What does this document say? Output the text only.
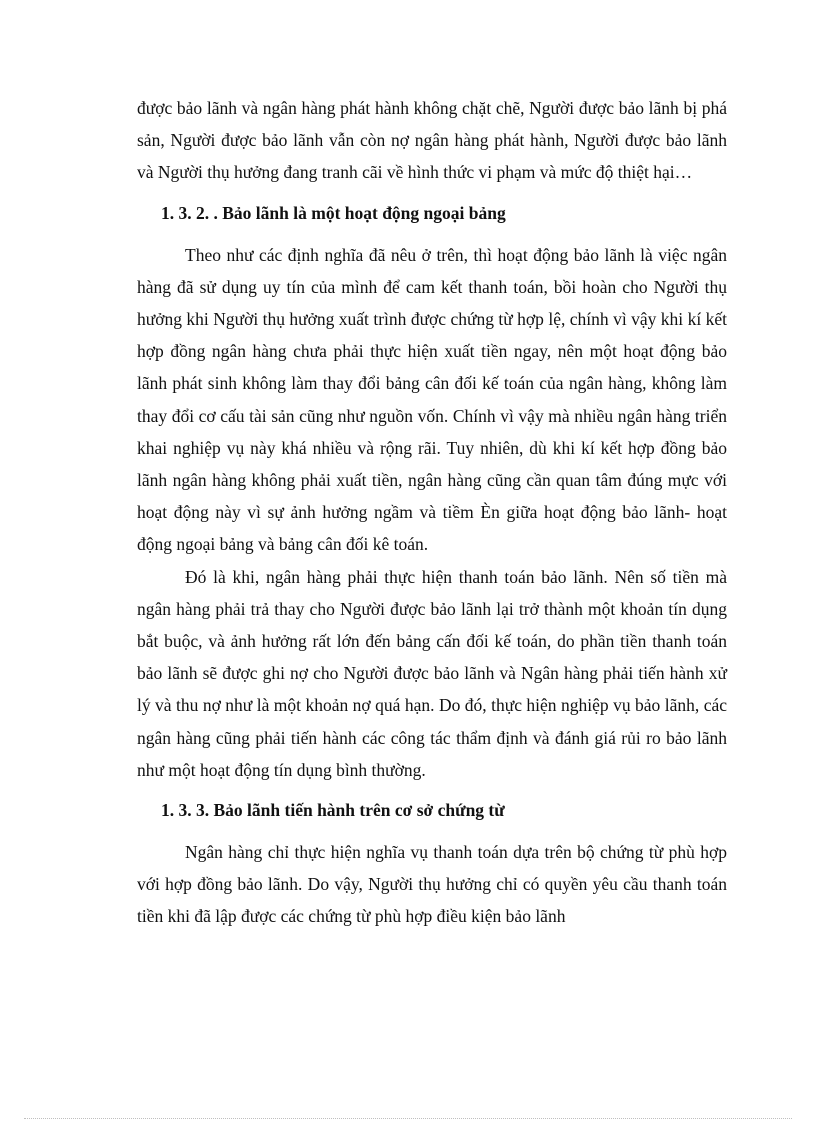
được bảo lãnh và ngân hàng phát hành không chặt chẽ, Người được bảo lãnh bị phá sản, Người được bảo lãnh vẫn còn nợ ngân hàng phát hành, Người được bảo lãnh và Người thụ hưởng đang tranh cãi về hình thức vi phạm và mức độ thiệt hại…

1. 3. 2. . Bảo lãnh là một hoạt động ngoại bảng

Theo như các định nghĩa đã nêu ở trên, thì hoạt động bảo lãnh là việc ngân hàng đã sử dụng uy tín của mình để cam kết thanh toán, bồi hoàn cho Người thụ hưởng khi Người thụ hưởng xuất trình được chứng từ hợp lệ, chính vì vậy khi kí kết hợp đồng ngân hàng chưa phải thực hiện xuất tiền ngay, nên một hoạt động bảo lãnh phát sinh không làm thay đổi bảng cân đối kế toán của ngân hàng, không làm thay đổi cơ cấu tài sản cũng như nguồn vốn. Chính vì vậy mà nhiều ngân hàng triển khai nghiệp vụ này khá nhiều và rộng rãi. Tuy nhiên, dù khi kí kết hợp đồng bảo lãnh ngân hàng không phải xuất tiền, ngân hàng cũng cần quan tâm đúng mực với hoạt động này vì sự ảnh hưởng ngầm và tiềm Èn giữa hoạt động bảo lãnh- hoạt động ngoại bảng và bảng cân đối kê toán.

Đó là khi, ngân hàng phải thực hiện thanh toán bảo lãnh. Nên số tiền mà ngân hàng phải trả thay cho Người được bảo lãnh lại trở thành một khoản tín dụng bắt buộc, và ảnh hưởng rất lớn đến bảng cấn đối kế toán, do phần tiền thanh toán bảo lãnh sẽ được ghi nợ cho Người được bảo lãnh và Ngân hàng phải tiến hành xử lý và thu nợ như là một khoản nợ quá hạn. Do đó, thực hiện nghiệp vụ bảo lãnh, các ngân hàng cũng phải tiến hành các công tác thẩm định và đánh giá rủi ro bảo lãnh như một hoạt động tín dụng bình thường.

1. 3. 3. Bảo lãnh tiến hành trên cơ sở chứng từ

Ngân hàng chỉ thực hiện nghĩa vụ thanh toán dựa trên bộ chứng từ phù hợp với hợp đồng bảo lãnh. Do vậy, Người thụ hưởng chỉ có quyền yêu cầu thanh toán tiền khi đã lập được các chứng từ phù hợp điều kiện bảo lãnh
